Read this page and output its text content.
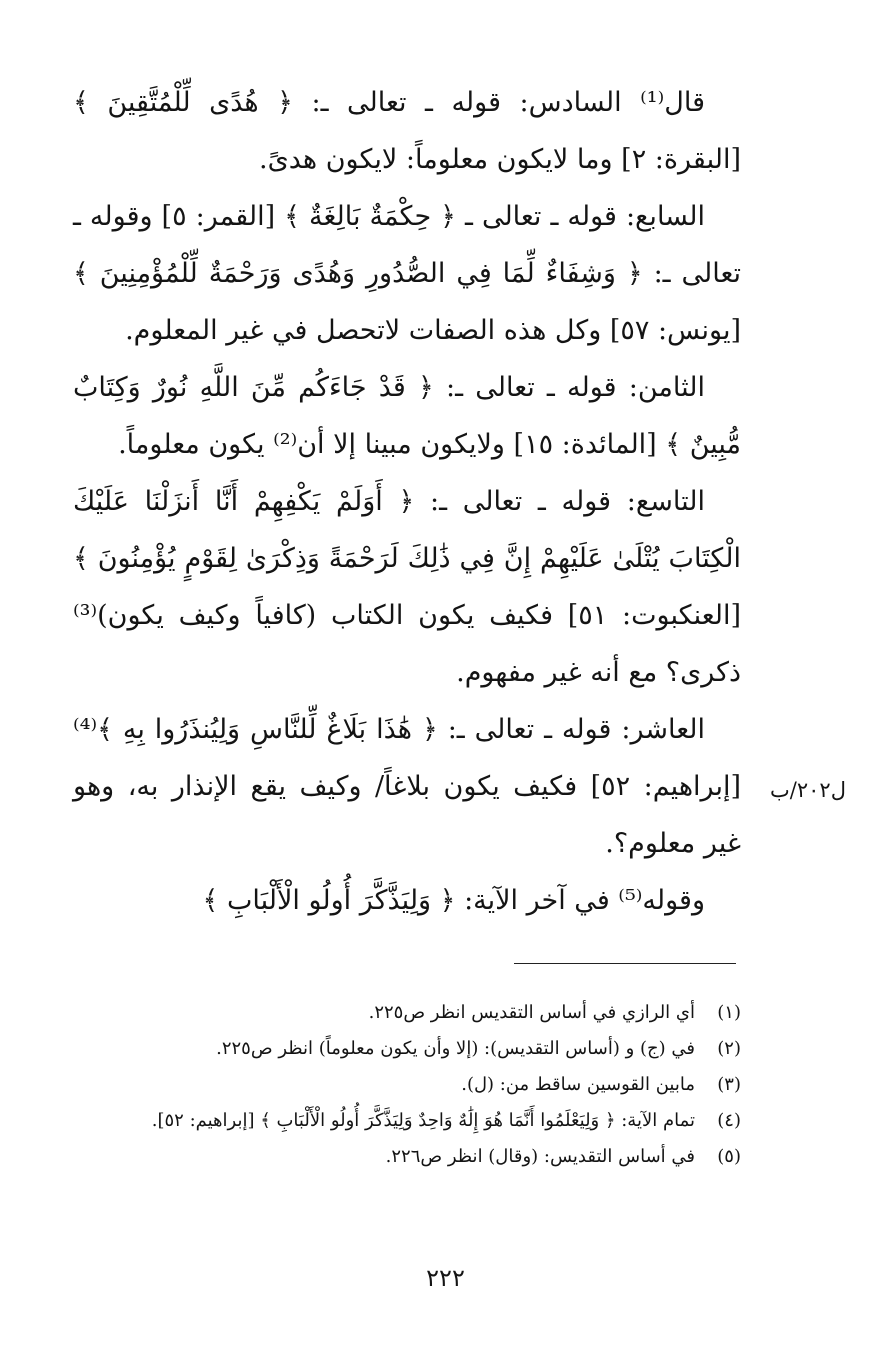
قال⁽¹⁾ السادس: قوله ـ تعالى ـ: ﴿ هُدًى لِّلْمُتَّقِينَ ﴾ [البقرة: ٢] وما لايكون معلوماً: لايكون هدىً.

السابع: قوله ـ تعالى ـ ﴿ حِكْمَةٌ بَالِغَةٌ ﴾ [القمر: ٥] وقوله ـ تعالى ـ: ﴿ وَشِفَاءٌ لِّمَا فِي الصُّدُورِ وَهُدًى وَرَحْمَةٌ لِّلْمُؤْمِنِينَ ﴾ [يونس: ٥٧] وكل هذه الصفات لاتحصل في غير المعلوم.

الثامن: قوله ـ تعالى ـ: ﴿ قَدْ جَاءَكُم مِّنَ اللَّهِ نُورٌ وَكِتَابٌ مُّبِينٌ ﴾ [المائدة: ١٥] ولايكون مبينا إلا أن⁽²⁾ يكون معلوماً.

التاسع: قوله ـ تعالى ـ: ﴿ أَوَلَمْ يَكْفِهِمْ أَنَّا أَنزَلْنَا عَلَيْكَ الْكِتَابَ يُتْلَىٰ عَلَيْهِمْ إِنَّ فِي ذَٰلِكَ لَرَحْمَةً وَذِكْرَىٰ لِقَوْمٍ يُؤْمِنُونَ ﴾ [العنكبوت: ٥١] فكيف يكون الكتاب (كافياً وكيف يكون)⁽³⁾ ذكرى؟ مع أنه غير مفهوم.

العاشر: قوله ـ تعالى ـ: ﴿ هَٰذَا بَلَاغٌ لِّلنَّاسِ وَلِيُنذَرُوا بِهِ ﴾⁽⁴⁾ [إبراهيم: ٥٢] فكيف يكون بلاغاً/ وكيف يقع الإنذار به، وهو غير معلوم؟.

وقوله⁽⁵⁾ في آخر الآية: ﴿ وَلِيَذَّكَّرَ أُولُو الْأَلْبَابِ ﴾

ل٢٠٢/ب
(١)
أي الرازي في أساس التقديس انظر ص٢٢٥.
(٢)
في (ج) و (أساس التقديس): (إلا وأن يكون معلوماً) انظر ص٢٢٥.
(٣)
مابين القوسين ساقط من: (ل).
(٤)
تمام الآية: ﴿ وَلِيَعْلَمُوا أَنَّمَا هُوَ إِلَٰهٌ وَاحِدٌ وَلِيَذَّكَّرَ أُولُو الْأَلْبَابِ ﴾ [إبراهيم: ٥٢].
(٥)
في أساس التقديس: (وقال) انظر ص٢٢٦.
٢٢٢
